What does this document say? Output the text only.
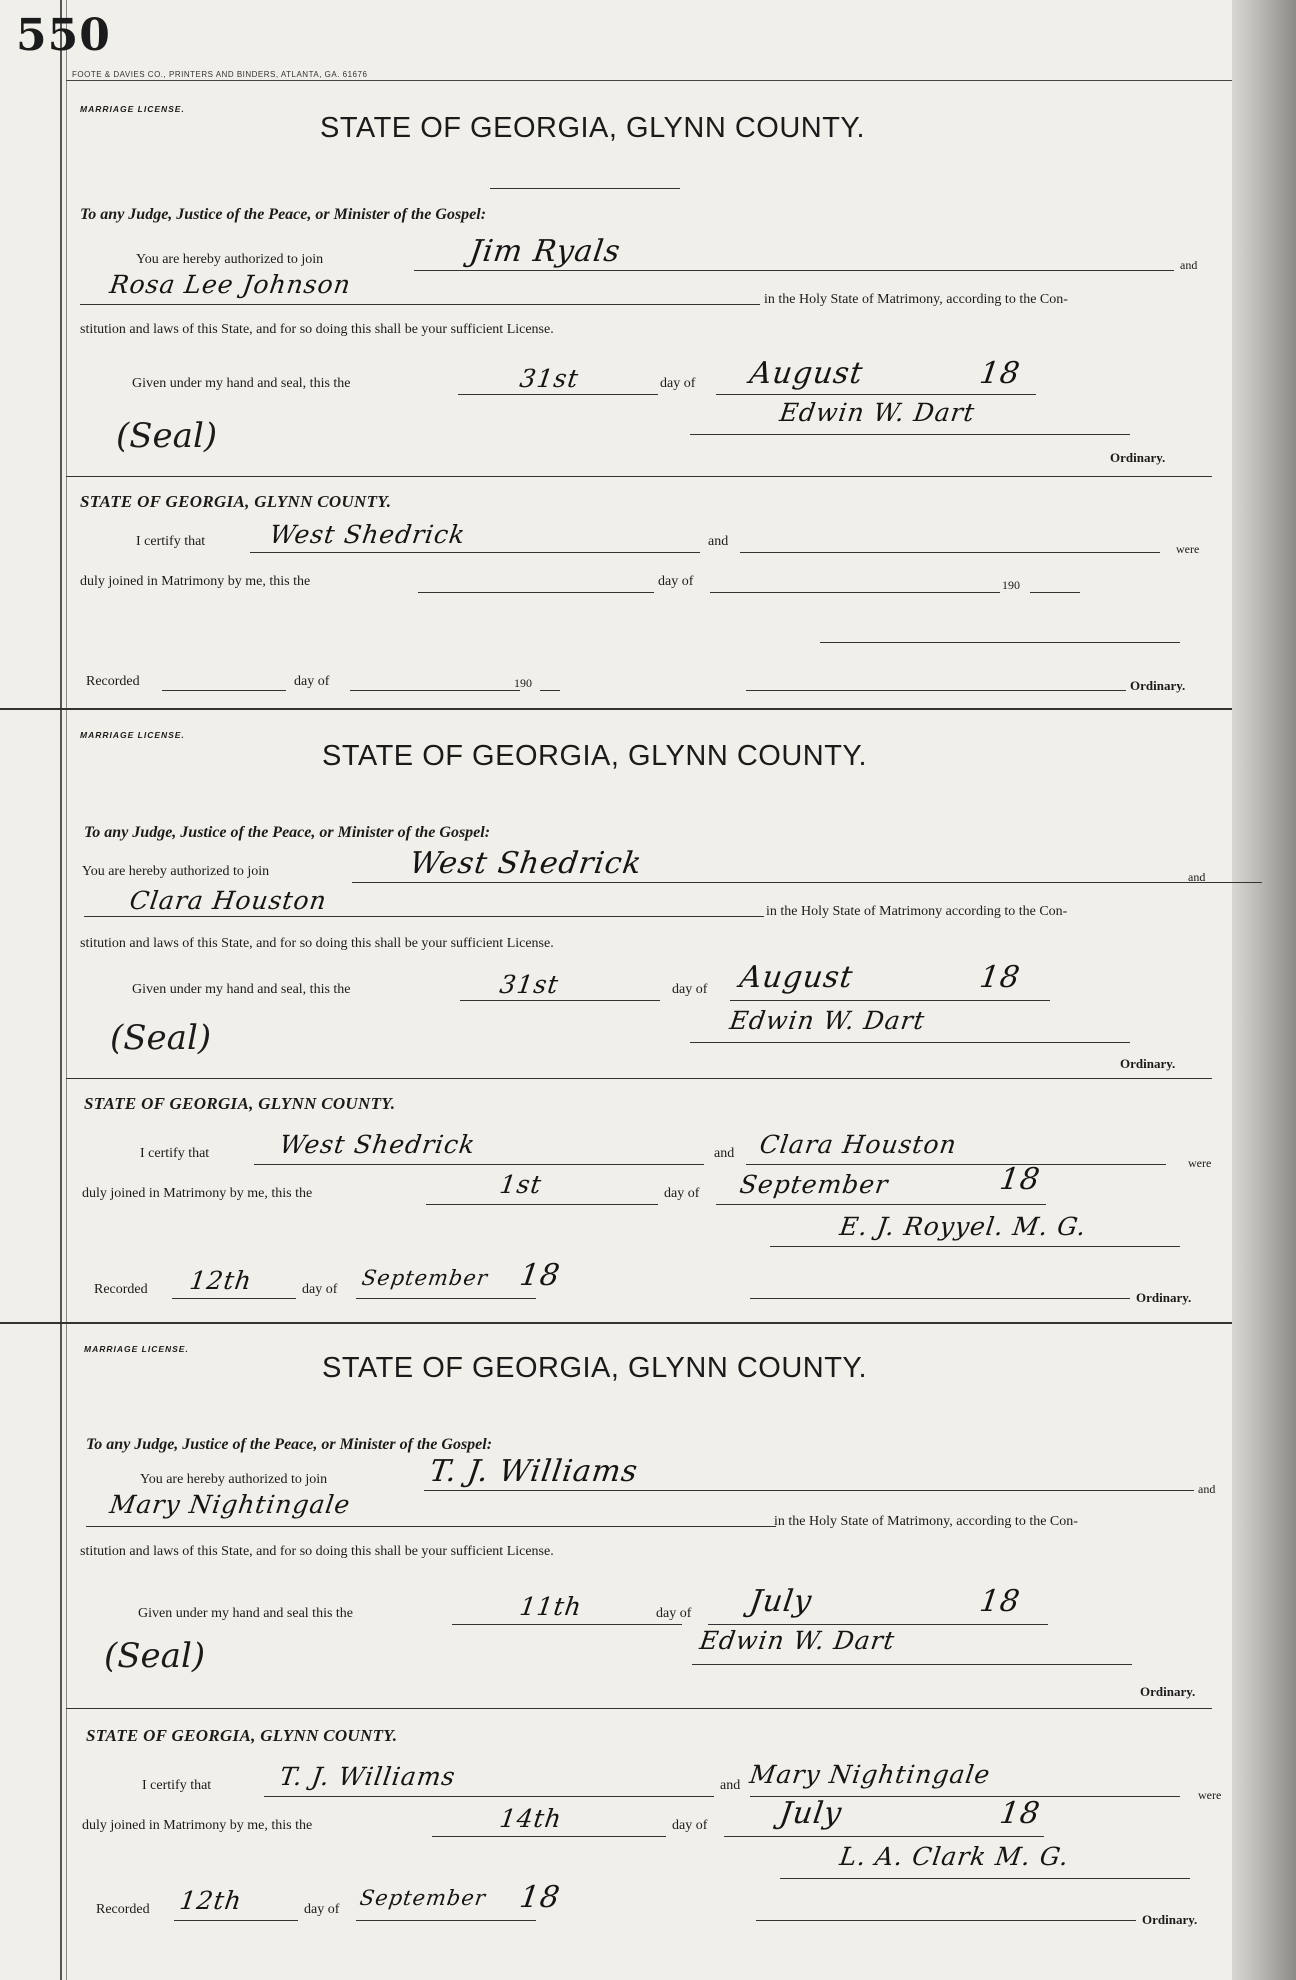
550
FOOTE & DAVIES CO., PRINTERS AND BINDERS, ATLANTA, GA. 61676
MARRIAGE LICENSE.
STATE OF GEORGIA, GLYNN COUNTY.
To any Judge, Justice of the Peace, or Minister of the Gospel:
You are hereby authorized to join	Jim Ryals	and
Rosa Lee Johnson
in the Holy State of Matrimony, according to the Con-
stitution and laws of this State, and for so doing this shall be your sufficient License.
Given under my hand and seal, this the	31st	day of August	18
Edwin W. Dart
(Seal)
Ordinary.
STATE OF GEORGIA, GLYNN COUNTY.
I certify that	West Shedrick	and	were
duly joined in Matrimony by me, this the	day of	190
Recorded	day of	190	Ordinary.
MARRIAGE LICENSE.
STATE OF GEORGIA, GLYNN COUNTY.
To any Judge, Justice of the Peace, or Minister of the Gospel:
You are hereby authorized to join	West Shedrick	and
Clara Houston	in the Holy State of Matrimony according to the Con-
stitution and laws of this State, and for so doing this shall be your sufficient License.
Given under my hand and seal, this the	31st	day of August	18
Edwin W. Dart
(Seal)
Ordinary.
STATE OF GEORGIA, GLYNN COUNTY.
I certify that	West Shedrick	and Clara Houston
were
duly joined in Matrimony by me, this the	1st	day of September	18
E. J. Royyel. M. G.
Recorded 12th	day of September 18
Ordinary.
MARRIAGE LICENSE.
STATE OF GEORGIA, GLYNN COUNTY.
To any Judge, Justice of the Peace, or Minister of the Gospel:
You are hereby authorized to join	T. J. Williams	and
Mary Nightingale
in the Holy State of Matrimony, according to the Con-
stitution and laws of this State, and for so doing this shall be your sufficient License.
Given under my hand and seal this the	11th	day of July	18
Edwin W. Dart
(Seal)
Ordinary.
STATE OF GEORGIA, GLYNN COUNTY.
I certify that	T. J. Williams	and Mary Nightingale
were
duly joined in Matrimony by me, this the	14th	day of July	18
L. A. Clark M. G.
Recorded 12th	day of September 18
Ordinary.
